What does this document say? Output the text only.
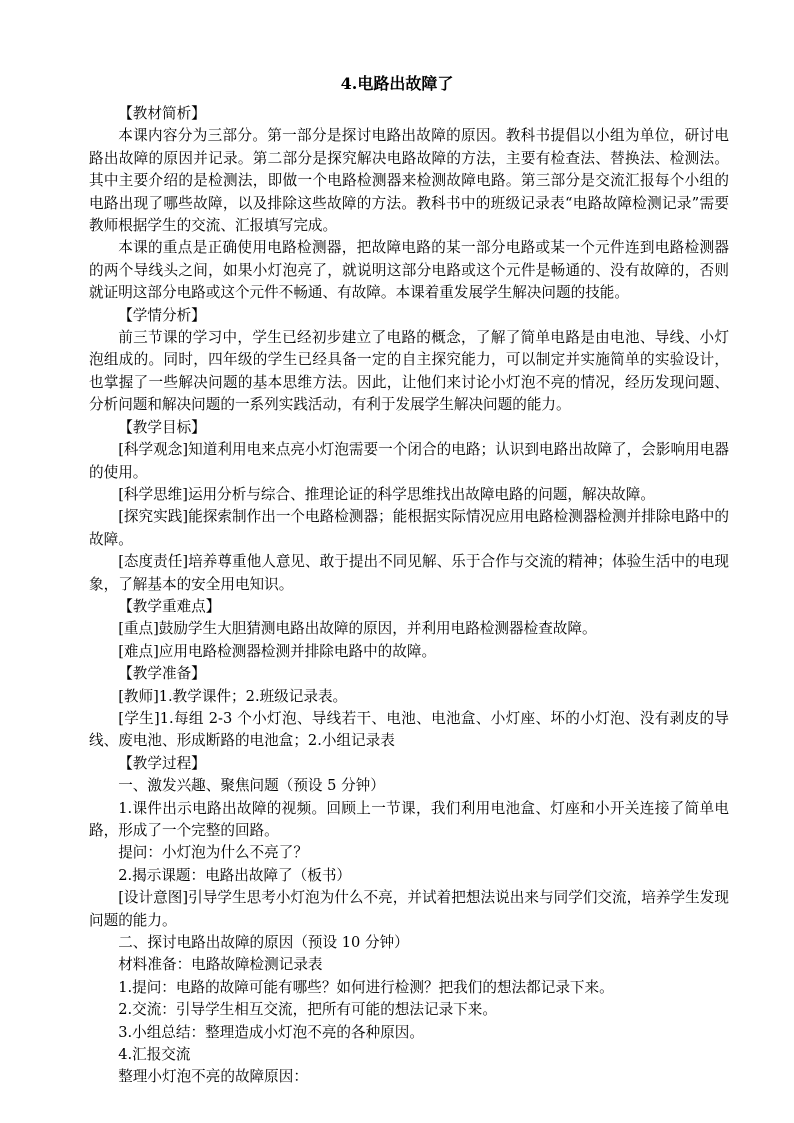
4.电路出故障了

【教材简析】

本课内容分为三部分。第一部分是探讨电路出故障的原因。教科书提倡以小组为单位，研讨电路出故障的原因并记录。第二部分是探究解决电路故障的方法，主要有检查法、替换法、检测法。其中主要介绍的是检测法，即做一个电路检测器来检测故障电路。第三部分是交流汇报每个小组的电路出现了哪些故障，以及排除这些故障的方法。教科书中的班级记录表“电路故障检测记录”需要教师根据学生的交流、汇报填写完成。

本课的重点是正确使用电路检测器，把故障电路的某一部分电路或某一个元件连到电路检测器的两个导线头之间，如果小灯泡亮了，就说明这部分电路或这个元件是畅通的、没有故障的，否则就证明这部分电路或这个元件不畅通、有故障。本课着重发展学生解决问题的技能。

【学情分析】

前三节课的学习中，学生已经初步建立了电路的概念，了解了简单电路是由电池、导线、小灯泡组成的。同时，四年级的学生已经具备一定的自主探究能力，可以制定并实施简单的实验设计，也掌握了一些解决问题的基本思维方法。因此，让他们来讨论小灯泡不亮的情况，经历发现问题、分析问题和解决问题的一系列实践活动，有利于发展学生解决问题的能力。

【教学目标】

[科学观念]知道利用电来点亮小灯泡需要一个闭合的电路；认识到电路出故障了，会影响用电器的使用。

[科学思维]运用分析与综合、推理论证的科学思维找出故障电路的问题，解决故障。

[探究实践]能探索制作出一个电路检测器；能根据实际情况应用电路检测器检测并排除电路中的故障。

[态度责任]培养尊重他人意见、敢于提出不同见解、乐于合作与交流的精神；体验生活中的电现象，了解基本的安全用电知识。

【教学重难点】

[重点]鼓励学生大胆猜测电路出故障的原因，并利用电路检测器检查故障。

[难点]应用电路检测器检测并排除电路中的故障。

【教学准备】

[教师]1.教学课件；2.班级记录表。

[学生]1.每组 2-3 个小灯泡、导线若干、电池、电池盒、小灯座、坏的小灯泡、没有剥皮的导线、废电池、形成断路的电池盒；2.小组记录表

【教学过程】

一、激发兴趣、聚焦问题（预设 5 分钟）

1.课件出示电路出故障的视频。回顾上一节课，我们利用电池盒、灯座和小开关连接了简单电路，形成了一个完整的回路。

提问：小灯泡为什么不亮了？

2.揭示课题：电路出故障了（板书）

[设计意图]引导学生思考小灯泡为什么不亮，并试着把想法说出来与同学们交流，培养学生发现问题的能力。

二、探讨电路出故障的原因（预设 10 分钟）

材料准备：电路故障检测记录表

1.提问：电路的故障可能有哪些？如何进行检测？把我们的想法都记录下来。

2.交流：引导学生相互交流，把所有可能的想法记录下来。

3.小组总结：整理造成小灯泡不亮的各种原因。

4.汇报交流

整理小灯泡不亮的故障原因：
